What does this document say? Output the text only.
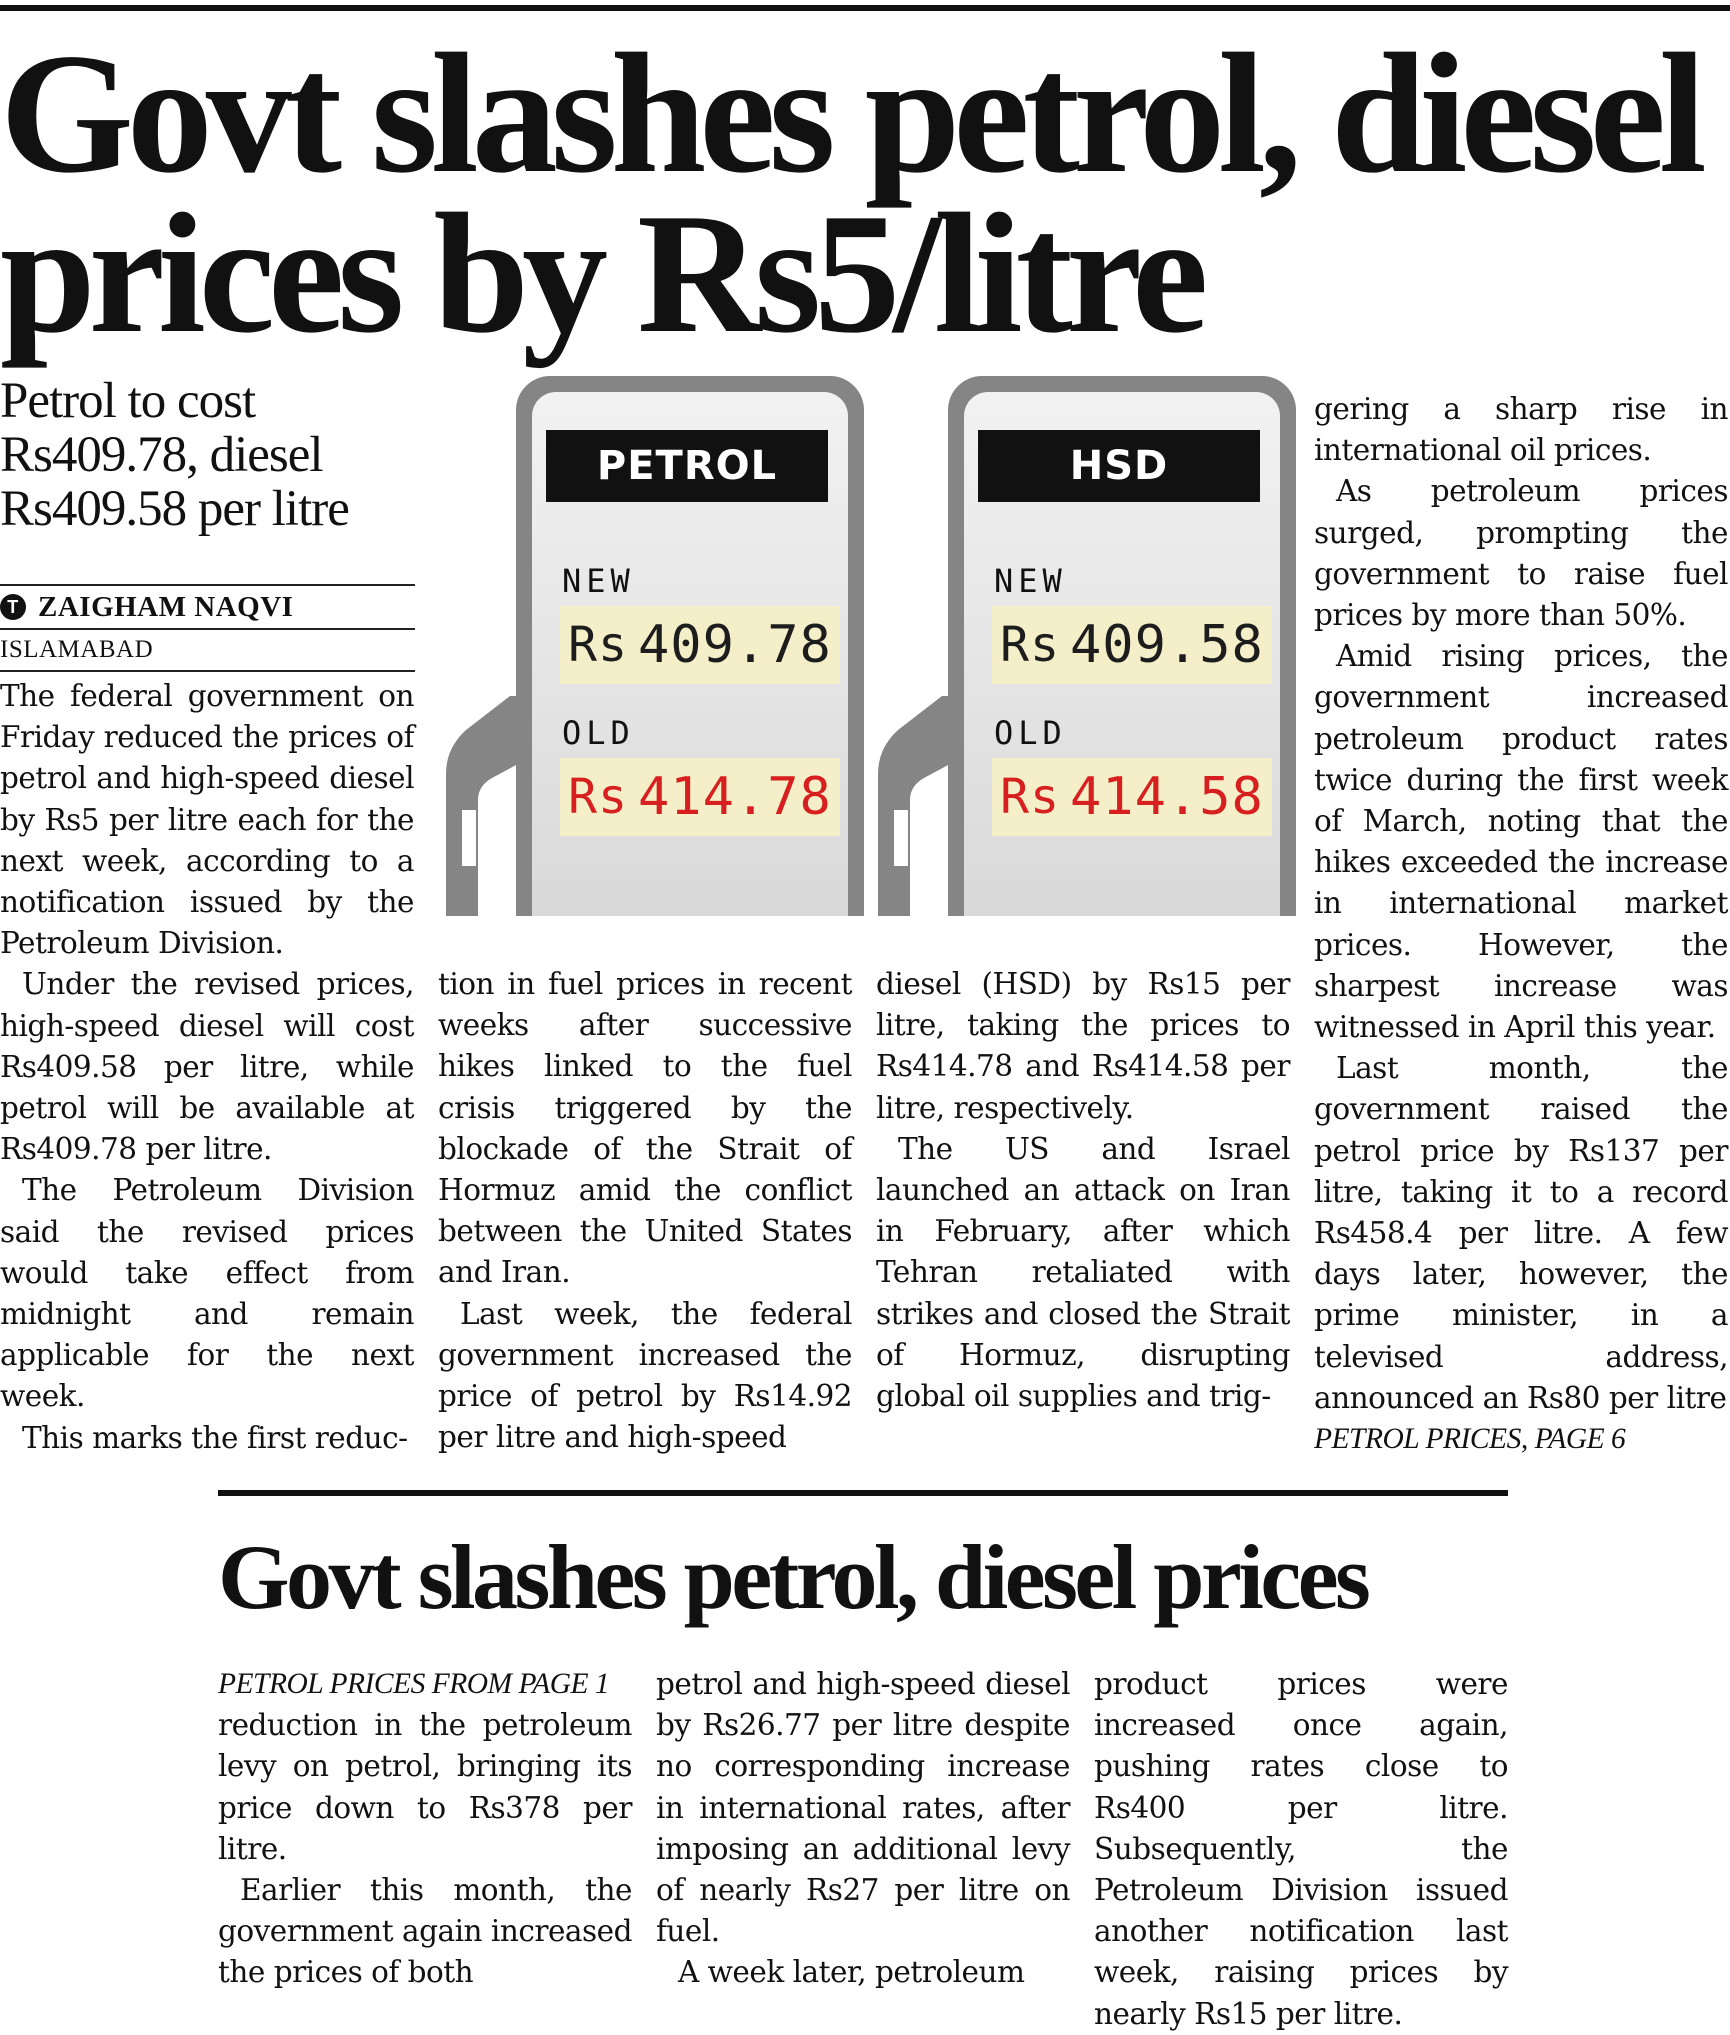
Govt slashes petrol, diesel
prices by Rs5/litre
Petrol to cost
Rs409.78, diesel
Rs409.58 per litre
T ZAIGHAM NAQVI
ISLAMABAD

The federal government on Friday reduced the prices of petrol and high-speed diesel by Rs5 per litre each for the next week, according to a notification issued by the Petroleum Division.

Under the revised prices, high-speed diesel will cost Rs409.58 per litre, while petrol will be available at Rs409.78 per litre.

The Petroleum Division said the revised prices would take effect from midnight and remain applicable for the next week.

This marks the first reduc-

tion in fuel prices in recent weeks after successive hikes linked to the fuel crisis triggered by the blockade of the Strait of Hormuz amid the conflict between the United States and Iran.

Last week, the federal government increased the price of petrol by Rs14.92 per litre and high-speed

diesel (HSD) by Rs15 per litre, taking the prices to Rs414.78 and Rs414.58 per litre, respectively.

The US and Israel launched an attack on Iran in February, after which Tehran retaliated with strikes and closed the Strait of Hormuz, disrupting global oil supplies and trig-

gering a sharp rise in international oil prices.

As petroleum prices surged, prompting the government to raise fuel prices by more than 50%.

Amid rising prices, the government increased petroleum product rates twice during the first week of March, noting that the hikes exceeded the increase in international market prices. However, the sharpest increase was witnessed in April this year.

Last month, the government raised the petrol price by Rs137 per litre, taking it to a record Rs458.4 per litre. A few days later, however, the prime minister, in a televised address, announced an Rs80 per litre

PETROL PRICES, PAGE 6

PETROL
NEW
Rs 409.78
OLD
Rs 414.78
HSD
NEW
Rs 409.58
OLD
Rs 414.58
Govt slashes petrol, diesel prices

PETROL PRICES FROM PAGE 1

reduction in the petroleum levy on petrol, bringing its price down to Rs378 per litre.

Earlier this month, the government again increased the prices of both

petrol and high-speed diesel by Rs26.77 per litre despite no corresponding increase in international rates, after imposing an additional levy of nearly Rs27 per litre on fuel.

A week later, petroleum

product prices were increased once again, pushing rates close to Rs400 per litre. Subsequently, the Petroleum Division issued another notification last week, raising prices by nearly Rs15 per litre.
